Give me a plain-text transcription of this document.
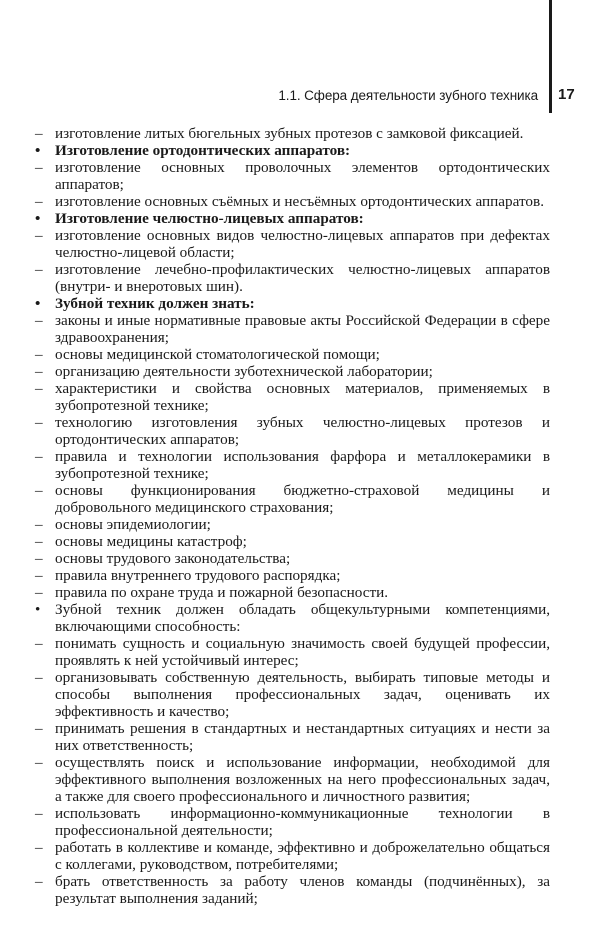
1.1. Сфера деятельности зубного техника 17
– изготовление литых бюгельных зубных протезов с замковой фиксацией.
• Изготовление ортодонтических аппаратов:
– изготовление основных проволочных элементов ортодонтических аппаратов;
– изготовление основных съёмных и несъёмных ортодонтических аппаратов.
• Изготовление челюстно-лицевых аппаратов:
– изготовление основных видов челюстно-лицевых аппаратов при дефектах челюстно-лицевой области;
– изготовление лечебно-профилактических челюстно-лицевых аппаратов (внутри- и внеротовых шин).
• Зубной техник должен знать:
– законы и иные нормативные правовые акты Российской Федерации в сфере здравоохранения;
– основы медицинской стоматологической помощи;
– организацию деятельности зуботехнической лаборатории;
– характеристики и свойства основных материалов, применяемых в зубопротезной технике;
– технологию изготовления зубных челюстно-лицевых протезов и ортодонтических аппаратов;
– правила и технологии использования фарфора и металлокерамики в зубопротезной технике;
– основы функционирования бюджетно-страховой медицины и добровольного медицинского страхования;
– основы эпидемиологии;
– основы медицины катастроф;
– основы трудового законодательства;
– правила внутреннего трудового распорядка;
– правила по охране труда и пожарной безопасности.
• Зубной техник должен обладать общекультурными компетенциями, включающими способность:
– понимать сущность и социальную значимость своей будущей профессии, проявлять к ней устойчивый интерес;
– организовывать собственную деятельность, выбирать типовые методы и способы выполнения профессиональных задач, оценивать их эффективность и качество;
– принимать решения в стандартных и нестандартных ситуациях и нести за них ответственность;
– осуществлять поиск и использование информации, необходимой для эффективного выполнения возложенных на него профессиональных задач, а также для своего профессионального и личностного развития;
– использовать информационно-коммуникационные технологии в профессиональной деятельности;
– работать в коллективе и команде, эффективно и доброжелательно общаться с коллегами, руководством, потребителями;
– брать ответственность за работу членов команды (подчинённых), за результат выполнения заданий;
